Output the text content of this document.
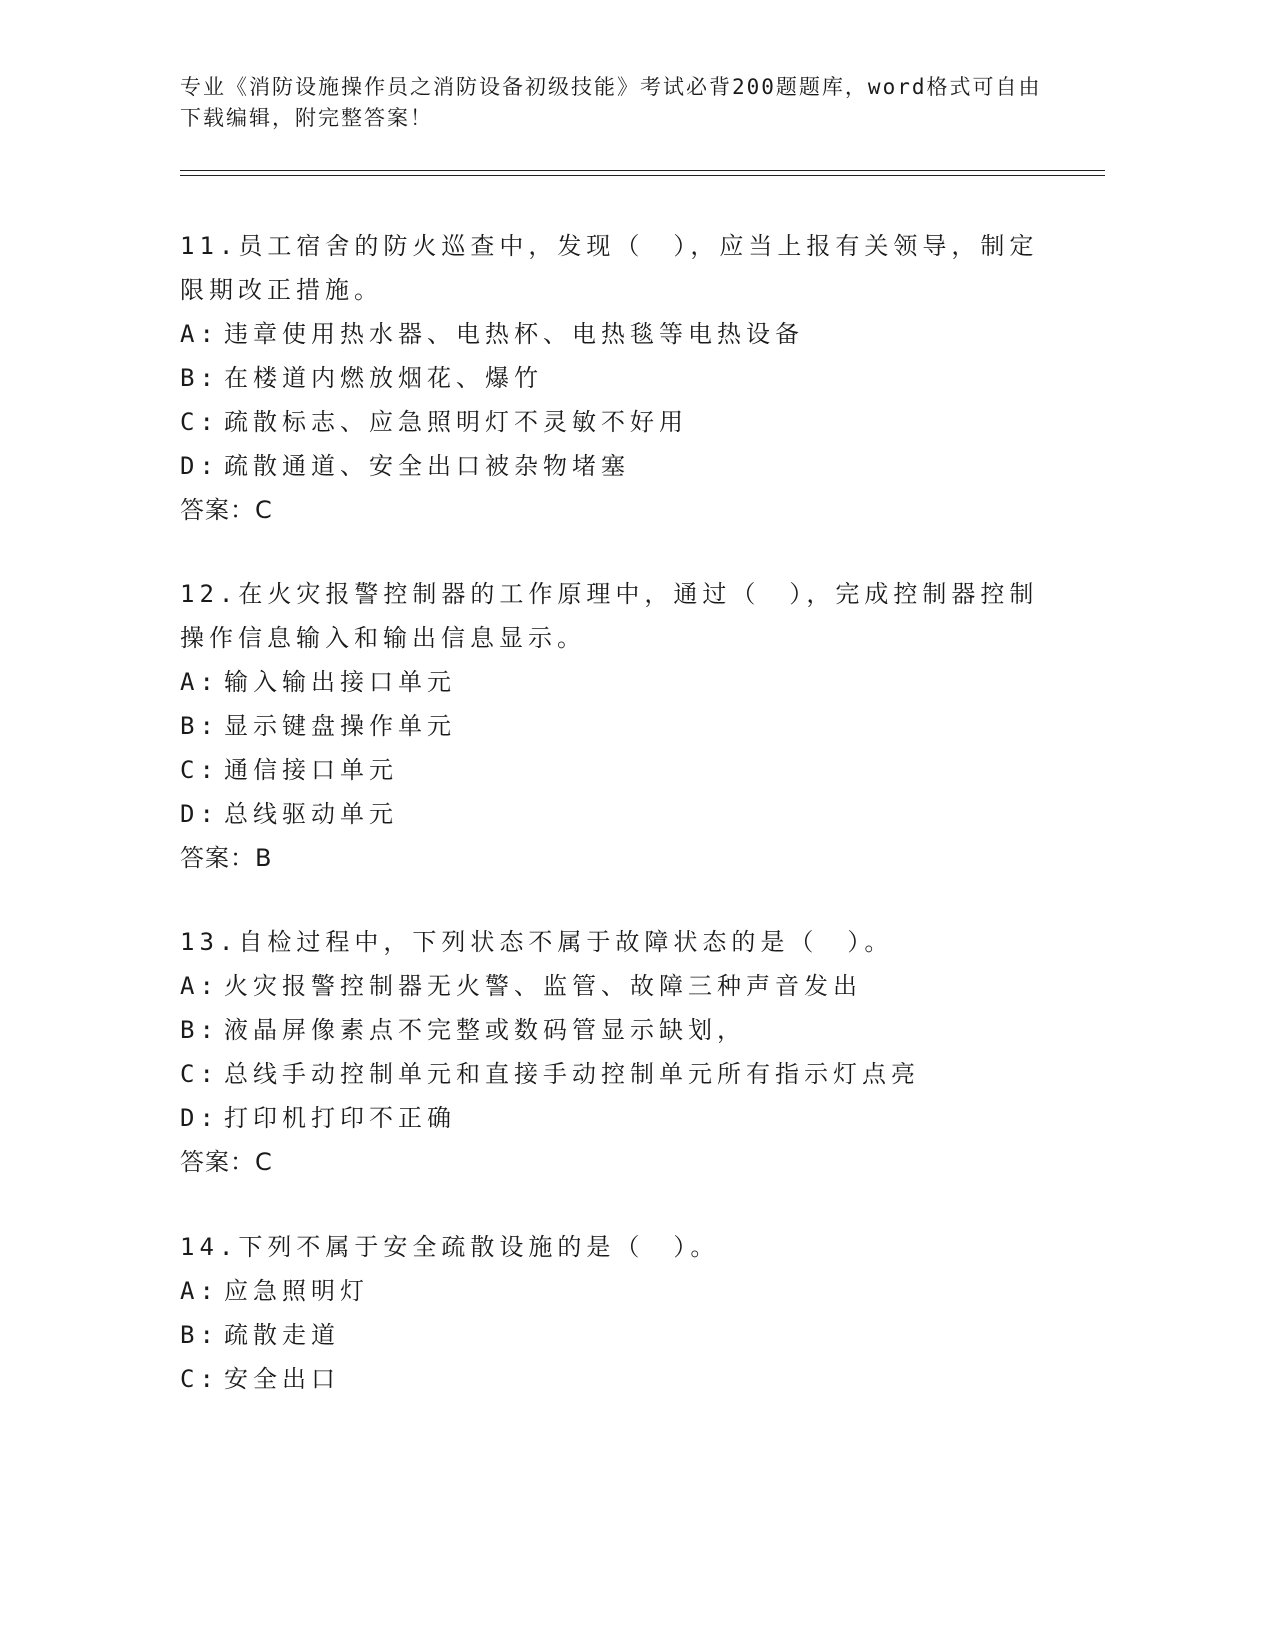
专业《消防设施操作员之消防设备初级技能》考试必背200题题库，word格式可自由下载编辑，附完整答案！

11.员工宿舍的防火巡查中，发现（　），应当上报有关领导，制定限期改正措施。

A: 违章使用热水器、电热杯、电热毯等电热设备

B: 在楼道内燃放烟花、爆竹

C: 疏散标志、应急照明灯不灵敏不好用

D: 疏散通道、安全出口被杂物堵塞

答案：C

12.在火灾报警控制器的工作原理中，通过（　），完成控制器控制操作信息输入和输出信息显示。

A: 输入输出接口单元

B: 显示键盘操作单元

C: 通信接口单元

D: 总线驱动单元

答案：B

13.自检过程中，下列状态不属于故障状态的是（　）。

A: 火灾报警控制器无火警、监管、故障三种声音发出

B: 液晶屏像素点不完整或数码管显示缺划，

C: 总线手动控制单元和直接手动控制单元所有指示灯点亮

D: 打印机打印不正确

答案：C

14.下列不属于安全疏散设施的是（　）。

A: 应急照明灯

B: 疏散走道

C: 安全出口
